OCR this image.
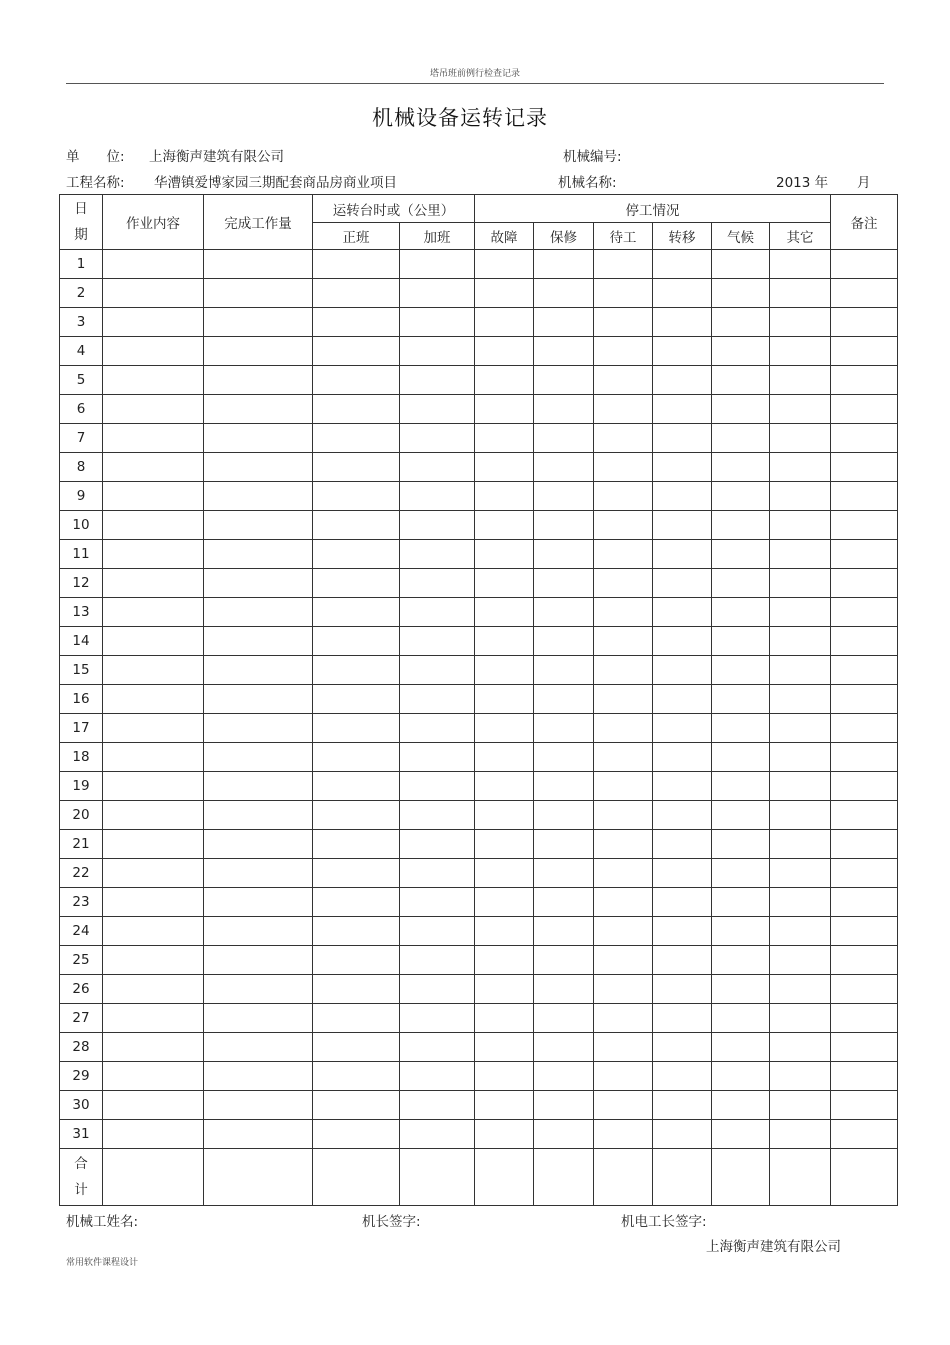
塔吊班前例行检查记录
机械设备运转记录
单　　位: 上海衡声建筑有限公司	机械编号:
工程名称: 华漕镇爱博家园三期配套商品房商业项目	机械名称:	2013 年 月
日期	作业内容	完成工作量	运转台时或（公里）		停工情况						备注
			正班	加班	故障	保修	待工	转移	气候	其它	
1											
2											
3											
4											
5											
6											
7											
8											
9											
10											
11											
12											
13											
14											
15											
16											
17											
18											
19											
20											
21											
22											
23											
24											
25											
26											
27											
28											
29											
30											
31											
合计											
机械工姓名:	机长签字:	机电工长签字:
上海衡声建筑有限公司
常用软件课程设计
